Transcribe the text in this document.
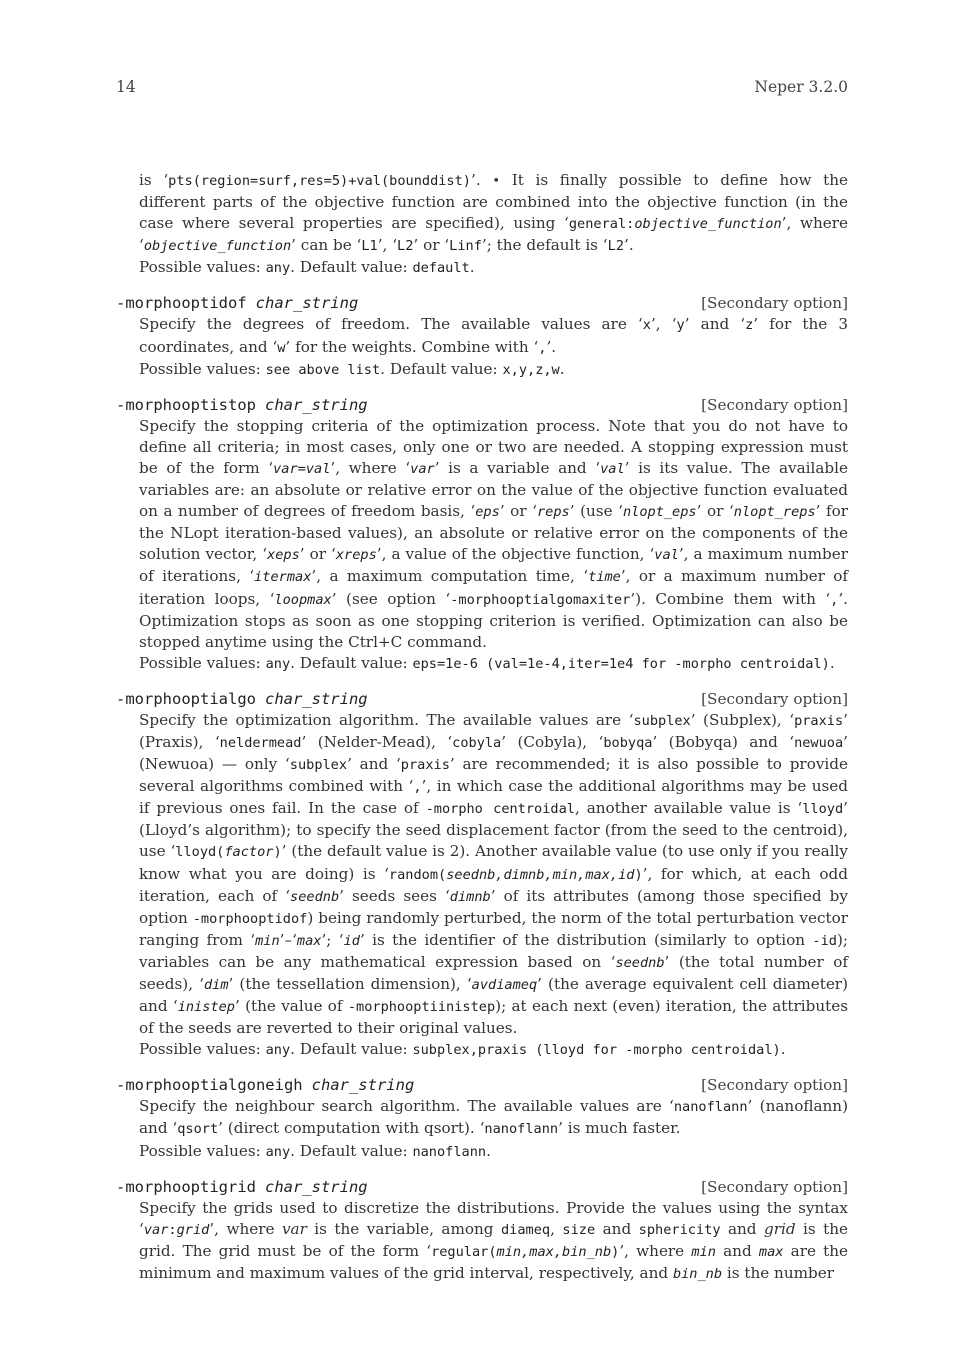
14	Neper 3.2.0
is ‘pts(region=surf,res=5)+val(bounddist)’. • It is finally possible to define how the different parts of the objective function are combined into the objective function (in the case where several properties are specified), using ‘general:objective_function’, where ‘objective_function’ can be ‘L1’, ‘L2’ or ‘Linf’; the default is ‘L2’.
Possible values: any. Default value: default.
-morphooptidof char_string	[Secondary option]
Specify the degrees of freedom. The available values are ‘x’, ‘y’ and ‘z’ for the 3 coordinates, and ‘w’ for the weights. Combine with ‘,’.
Possible values: see above list. Default value: x,y,z,w.
-morphooptistop char_string	[Secondary option]
Specify the stopping criteria of the optimization process. Note that you do not have to define all criteria; in most cases, only one or two are needed. A stopping expression must be of the form ‘var=val’, where ‘var’ is a variable and ‘val’ is its value. The available variables are: an absolute or relative error on the value of the objective function evaluated on a number of degrees of freedom basis, ‘eps’ or ‘reps’ (use ‘nlopt_eps’ or ‘nlopt_reps’ for the NLopt iteration-based values), an absolute or relative error on the components of the solution vector, ‘xeps’ or ‘xreps’, a value of the objective function, ‘val’, a maximum number of iterations, ‘itermax’, a maximum computation time, ‘time’, or a maximum number of iteration loops, ‘loopmax’ (see option ‘-morphooptialgomaxiter’). Combine them with ‘,’. Optimization stops as soon as one stopping criterion is verified. Optimization can also be stopped anytime using the Ctrl+C command.
Possible values: any. Default value: eps=1e-6 (val=1e-4,iter=1e4 for -morpho centroidal).
-morphooptialgo char_string	[Secondary option]
Specify the optimization algorithm. The available values are ‘subplex’ (Subplex), ‘praxis’ (Praxis), ‘neldermead’ (Nelder-Mead), ‘cobyla’ (Cobyla), ‘bobyqa’ (Bobyqa) and ‘newuoa’ (Newuoa) — only ‘subplex’ and ‘praxis’ are recommended; it is also possible to provide several algorithms combined with ‘,’, in which case the additional algorithms may be used if previous ones fail. In the case of -morpho centroidal, another available value is ‘lloyd’ (Lloyd’s algorithm); to specify the seed displacement factor (from the seed to the centroid), use ‘lloyd(factor)’ (the default value is 2). Another available value (to use only if you really know what you are doing) is ‘random(seednb,dimnb,min,max,id)’, for which, at each odd iteration, each of ‘seednb’ seeds sees ‘dimnb’ of its attributes (among those specified by option -morphooptidof) being randomly perturbed, the norm of the total perturbation vector ranging from ‘min’–‘max’; ‘id’ is the identifier of the distribution (similarly to option -id); variables can be any mathematical expression based on ‘seednb’ (the total number of seeds), ‘dim’ (the tessellation dimension), ‘avdiameq’ (the average equivalent cell diameter) and ‘inistep’ (the value of -morphooptiinistep); at each next (even) iteration, the attributes of the seeds are reverted to their original values.
Possible values: any. Default value: subplex,praxis (lloyd for -morpho centroidal).
-morphooptialgoneigh char_string	[Secondary option]
Specify the neighbour search algorithm. The available values are ‘nanoflann’ (nanoflann) and ‘qsort’ (direct computation with qsort). ‘nanoflann’ is much faster.
Possible values: any. Default value: nanoflann.
-morphooptigrid char_string	[Secondary option]
Specify the grids used to discretize the distributions. Provide the values using the syntax ‘var:grid’, where var is the variable, among diameq, size and sphericity and grid is the grid. The grid must be of the form ‘regular(min,max,bin_nb)’, where min and max are the minimum and maximum values of the grid interval, respectively, and bin_nb is the number
